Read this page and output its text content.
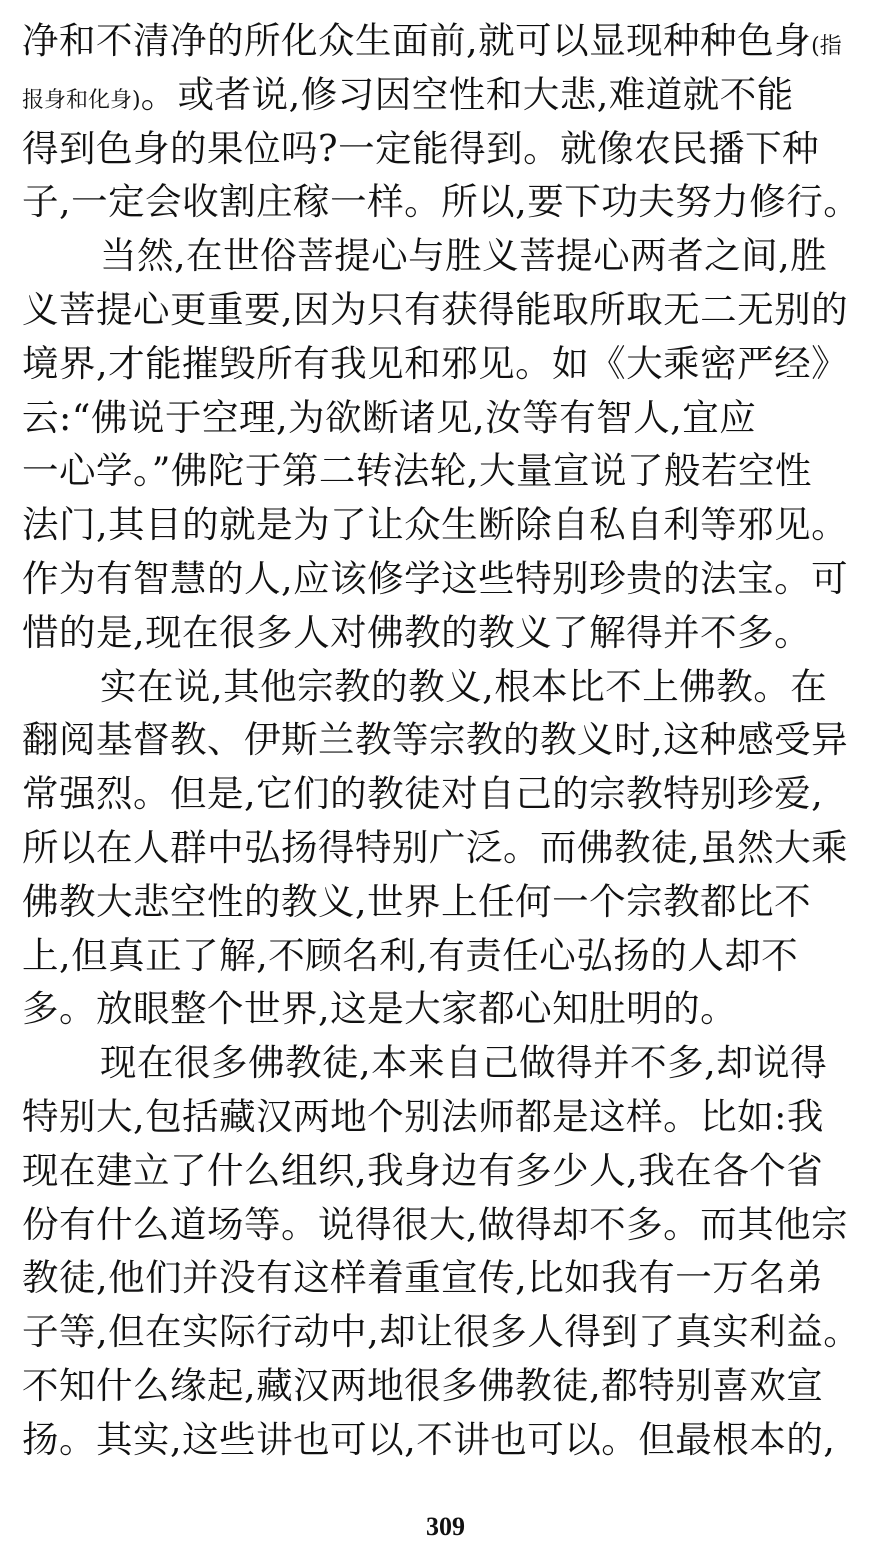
净和不清净的所化众生面前,就可以显现种种色身(指
报身和化身)。或者说,修习因空性和大悲,难道就不能
得到色身的果位吗?一定能得到。就像农民播下种
子,一定会收割庄稼一样。所以,要下功夫努力修行。
当然,在世俗菩提心与胜义菩提心两者之间,胜
义菩提心更重要,因为只有获得能取所取无二无别的
境界,才能摧毁所有我见和邪见。如《大乘密严经》
云:“佛说于空理,为欲断诸见,汝等有智人,宜应
一心学。”佛陀于第二转法轮,大量宣说了般若空性
法门,其目的就是为了让众生断除自私自利等邪见。
作为有智慧的人,应该修学这些特别珍贵的法宝。可
惜的是,现在很多人对佛教的教义了解得并不多。
实在说,其他宗教的教义,根本比不上佛教。在
翻阅基督教、伊斯兰教等宗教的教义时,这种感受异
常强烈。但是,它们的教徒对自己的宗教特别珍爱,
所以在人群中弘扬得特别广泛。而佛教徒,虽然大乘
佛教大悲空性的教义,世界上任何一个宗教都比不
上,但真正了解,不顾名利,有责任心弘扬的人却不
多。放眼整个世界,这是大家都心知肚明的。
现在很多佛教徒,本来自己做得并不多,却说得
特别大,包括藏汉两地个别法师都是这样。比如:我
现在建立了什么组织,我身边有多少人,我在各个省
份有什么道场等。说得很大,做得却不多。而其他宗
教徒,他们并没有这样着重宣传,比如我有一万名弟
子等,但在实际行动中,却让很多人得到了真实利益。
不知什么缘起,藏汉两地很多佛教徒,都特别喜欢宣
扬。其实,这些讲也可以,不讲也可以。但最根本的,
309
